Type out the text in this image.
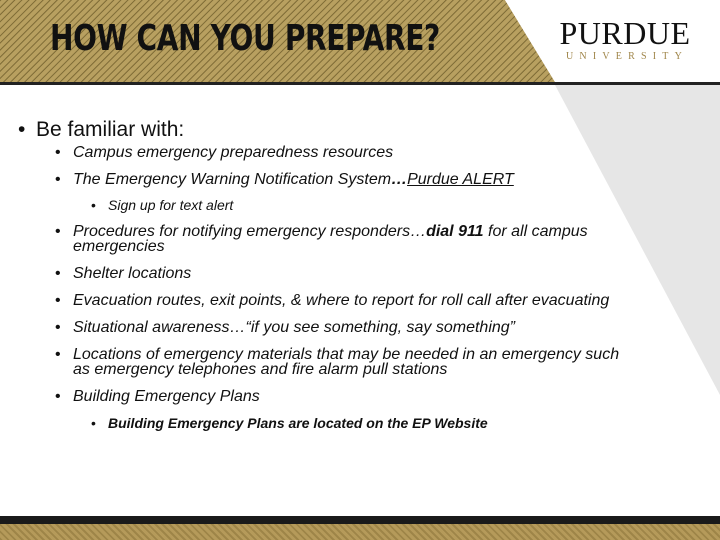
HOW CAN YOU PREPARE?	PURDUE
UNIVERSITY
• Be familiar with:
• Campus emergency preparedness resources
• The Emergency Warning Notification System…Purdue ALERT
• Sign up for text alert
• Procedures for notifying emergency responders…dial 911 for all campus
emergencies
• Shelter locations
• Evacuation routes, exit points, & where to report for roll call after evacuating
• Situational awareness…“if you see something, say something”
• Locations of emergency materials that may be needed in an emergency such
as emergency telephones and fire alarm pull stations
• Building Emergency Plans
• Building Emergency Plans are located on the EP Website
